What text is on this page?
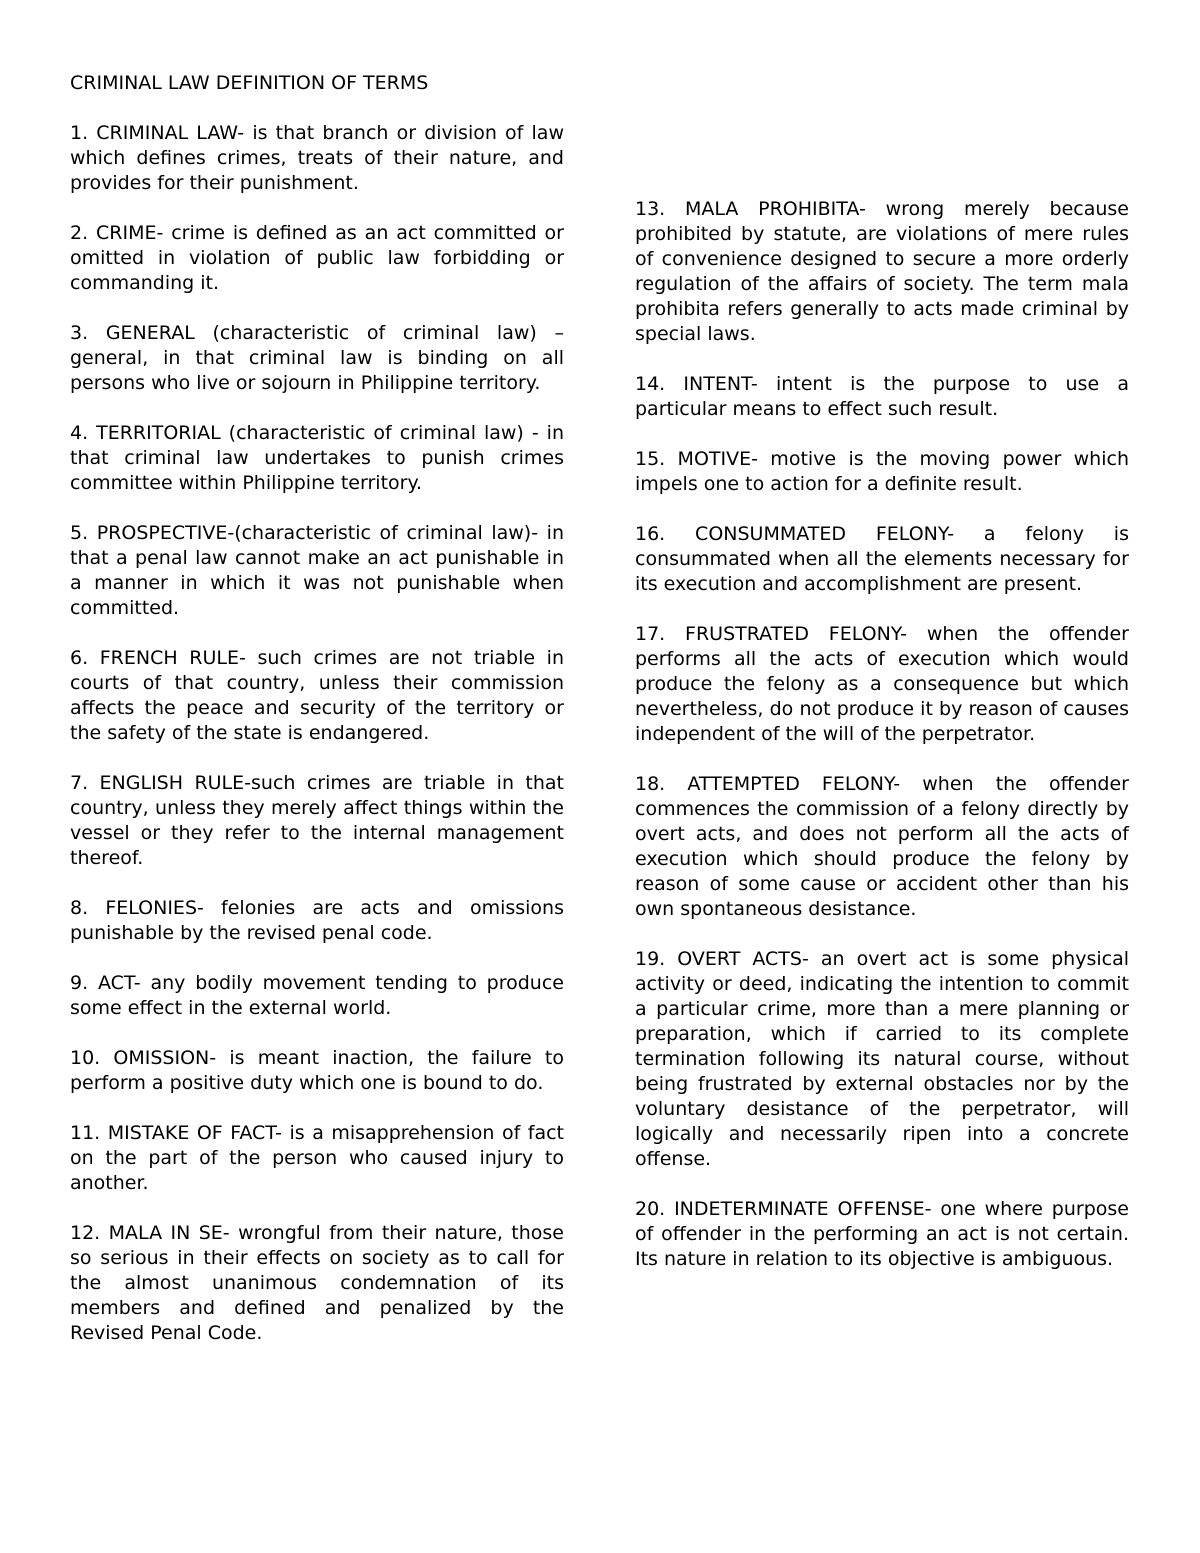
CRIMINAL LAW DEFINITION OF TERMS

1. CRIMINAL LAW- is that branch or division of law which defines crimes, treats of their nature, and provides for their punishment.

2. CRIME- crime is defined as an act committed or omitted in violation of public law forbidding or commanding it.

3. GENERAL (characteristic of criminal law) – general, in that criminal law is binding on all persons who live or sojourn in Philippine territory.

4. TERRITORIAL (characteristic of criminal law) - in that criminal law undertakes to punish crimes committee within Philippine territory.

5. PROSPECTIVE-(characteristic of criminal law)- in that a penal law cannot make an act punishable in a manner in which it was not punishable when committed.

6. FRENCH RULE- such crimes are not triable in courts of that country, unless their commission affects the peace and security of the territory or the safety of the state is endangered.

7. ENGLISH RULE-such crimes are triable in that country, unless they merely affect things within the vessel or they refer to the internal management thereof.

8. FELONIES- felonies are acts and omissions punishable by the revised penal code.

9. ACT- any bodily movement tending to produce some effect in the external world.

10. OMISSION- is meant inaction, the failure to perform a positive duty which one is bound to do.

11. MISTAKE OF FACT- is a misapprehension of fact on the part of the person who caused injury to another.

12. MALA IN SE- wrongful from their nature, those so serious in their effects on society as to call for the almost unanimous condemnation of its members and defined and penalized by the Revised Penal Code.

13. MALA PROHIBITA- wrong merely because prohibited by statute, are violations of mere rules of convenience designed to secure a more orderly regulation of the affairs of society. The term mala prohibita refers generally to acts made criminal by special laws.

14. INTENT- intent is the purpose to use a particular means to effect such result.

15. MOTIVE- motive is the moving power which impels one to action for a definite result.

16. CONSUMMATED FELONY- a felony is consummated when all the elements necessary for its execution and accomplishment are present.

17. FRUSTRATED FELONY- when the offender performs all the acts of execution which would produce the felony as a consequence but which nevertheless, do not produce it by reason of causes independent of the will of the perpetrator.

18. ATTEMPTED FELONY- when the offender commences the commission of a felony directly by overt acts, and does not perform all the acts of execution which should produce the felony by reason of some cause or accident other than his own spontaneous desistance.

19. OVERT ACTS- an overt act is some physical activity or deed, indicating the intention to commit a particular crime, more than a mere planning or preparation, which if carried to its complete termination following its natural course, without being frustrated by external obstacles nor by the voluntary desistance of the perpetrator, will logically and necessarily ripen into a concrete offense.

20. INDETERMINATE OFFENSE- one where purpose of offender in the performing an act is not certain. Its nature in relation to its objective is ambiguous.
